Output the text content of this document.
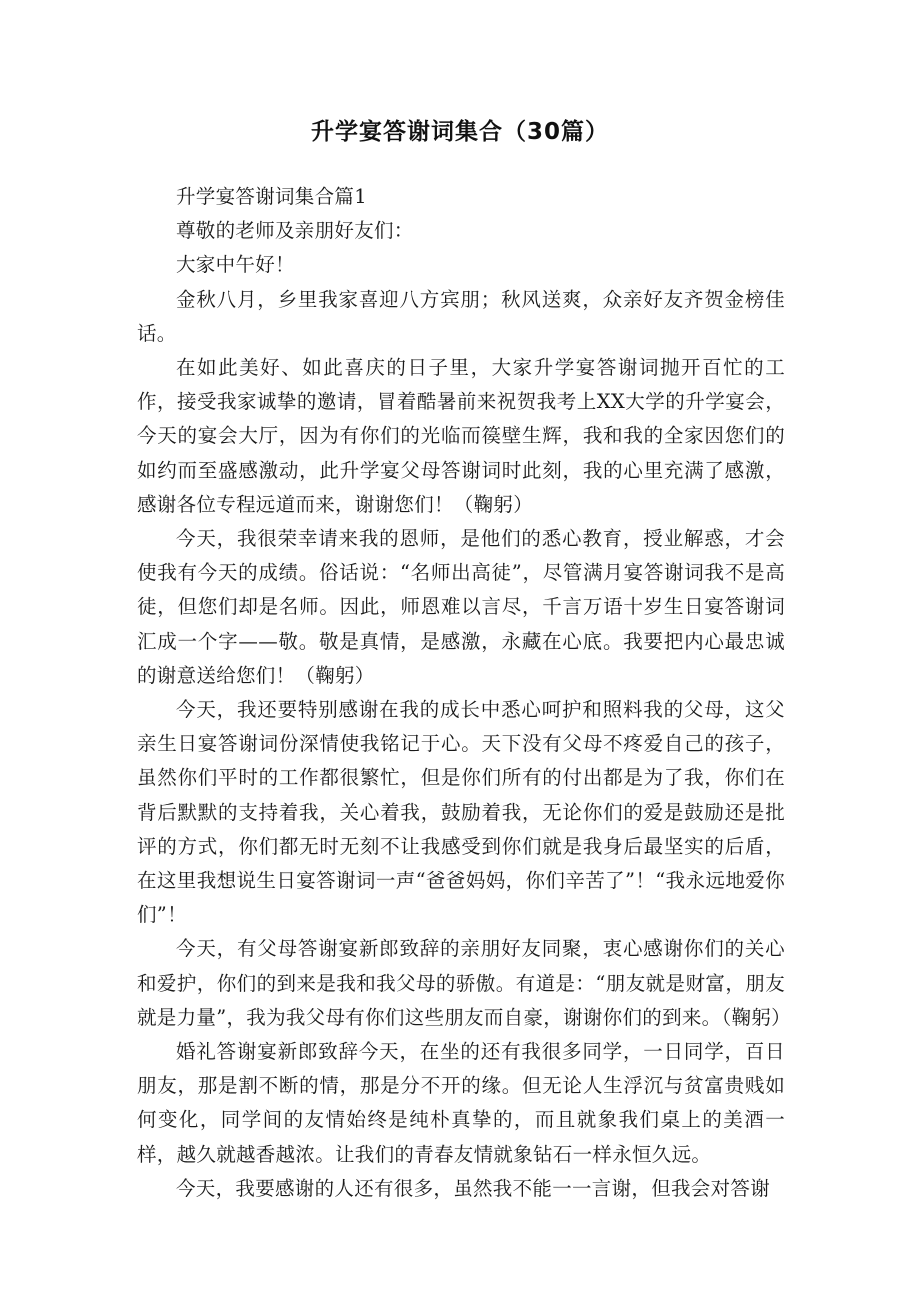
升学宴答谢词集合（30篇）

升学宴答谢词集合篇1

尊敬的老师及亲朋好友们：

大家中午好！

金秋八月，乡里我家喜迎八方宾朋；秋风送爽，众亲好友齐贺金榜佳话。

在如此美好、如此喜庆的日子里，大家升学宴答谢词抛开百忙的工作，接受我家诚挚的邀请，冒着酷暑前来祝贺我考上XX大学的升学宴会，今天的宴会大厅，因为有你们的光临而篌壁生辉，我和我的全家因您们的如约而至盛感激动，此升学宴父母答谢词时此刻，我的心里充满了感激，感谢各位专程远道而来，谢谢您们！（鞠躬）

今天，我很荣幸请来我的恩师，是他们的悉心教育，授业解惑，才会使我有今天的成绩。俗话说：“名师出高徒”，尽管满月宴答谢词我不是高徒，但您们却是名师。因此，师恩难以言尽，千言万语十岁生日宴答谢词汇成一个字——敬。敬是真情，是感激，永藏在心底。我要把内心最忠诚的谢意送给您们！（鞠躬）

今天，我还要特别感谢在我的成长中悉心呵护和照料我的父母，这父亲生日宴答谢词份深情使我铭记于心。天下没有父母不疼爱自己的孩子，虽然你们平时的工作都很繁忙，但是你们所有的付出都是为了我，你们在背后默默的支持着我，关心着我，鼓励着我，无论你们的爱是鼓励还是批评的方式，你们都无时无刻不让我感受到你们就是我身后最坚实的后盾，在这里我想说生日宴答谢词一声“爸爸妈妈，你们辛苦了”！“我永远地爱你们”！

今天，有父母答谢宴新郎致辞的亲朋好友同聚，衷心感谢你们的关心和爱护，你们的到来是我和我父母的骄傲。有道是：“朋友就是财富，朋友就是力量”，我为我父母有你们这些朋友而自豪，谢谢你们的到来。（鞠躬）

婚礼答谢宴新郎致辞今天，在坐的还有我很多同学，一日同学，百日朋友，那是割不断的情，那是分不开的缘。但无论人生浮沉与贫富贵贱如何变化，同学间的友情始终是纯朴真挚的，而且就象我们桌上的美酒一样，越久就越香越浓。让我们的青春友情就象钻石一样永恒久远。

今天，我要感谢的人还有很多，虽然我不能一一言谢，但我会对答谢
